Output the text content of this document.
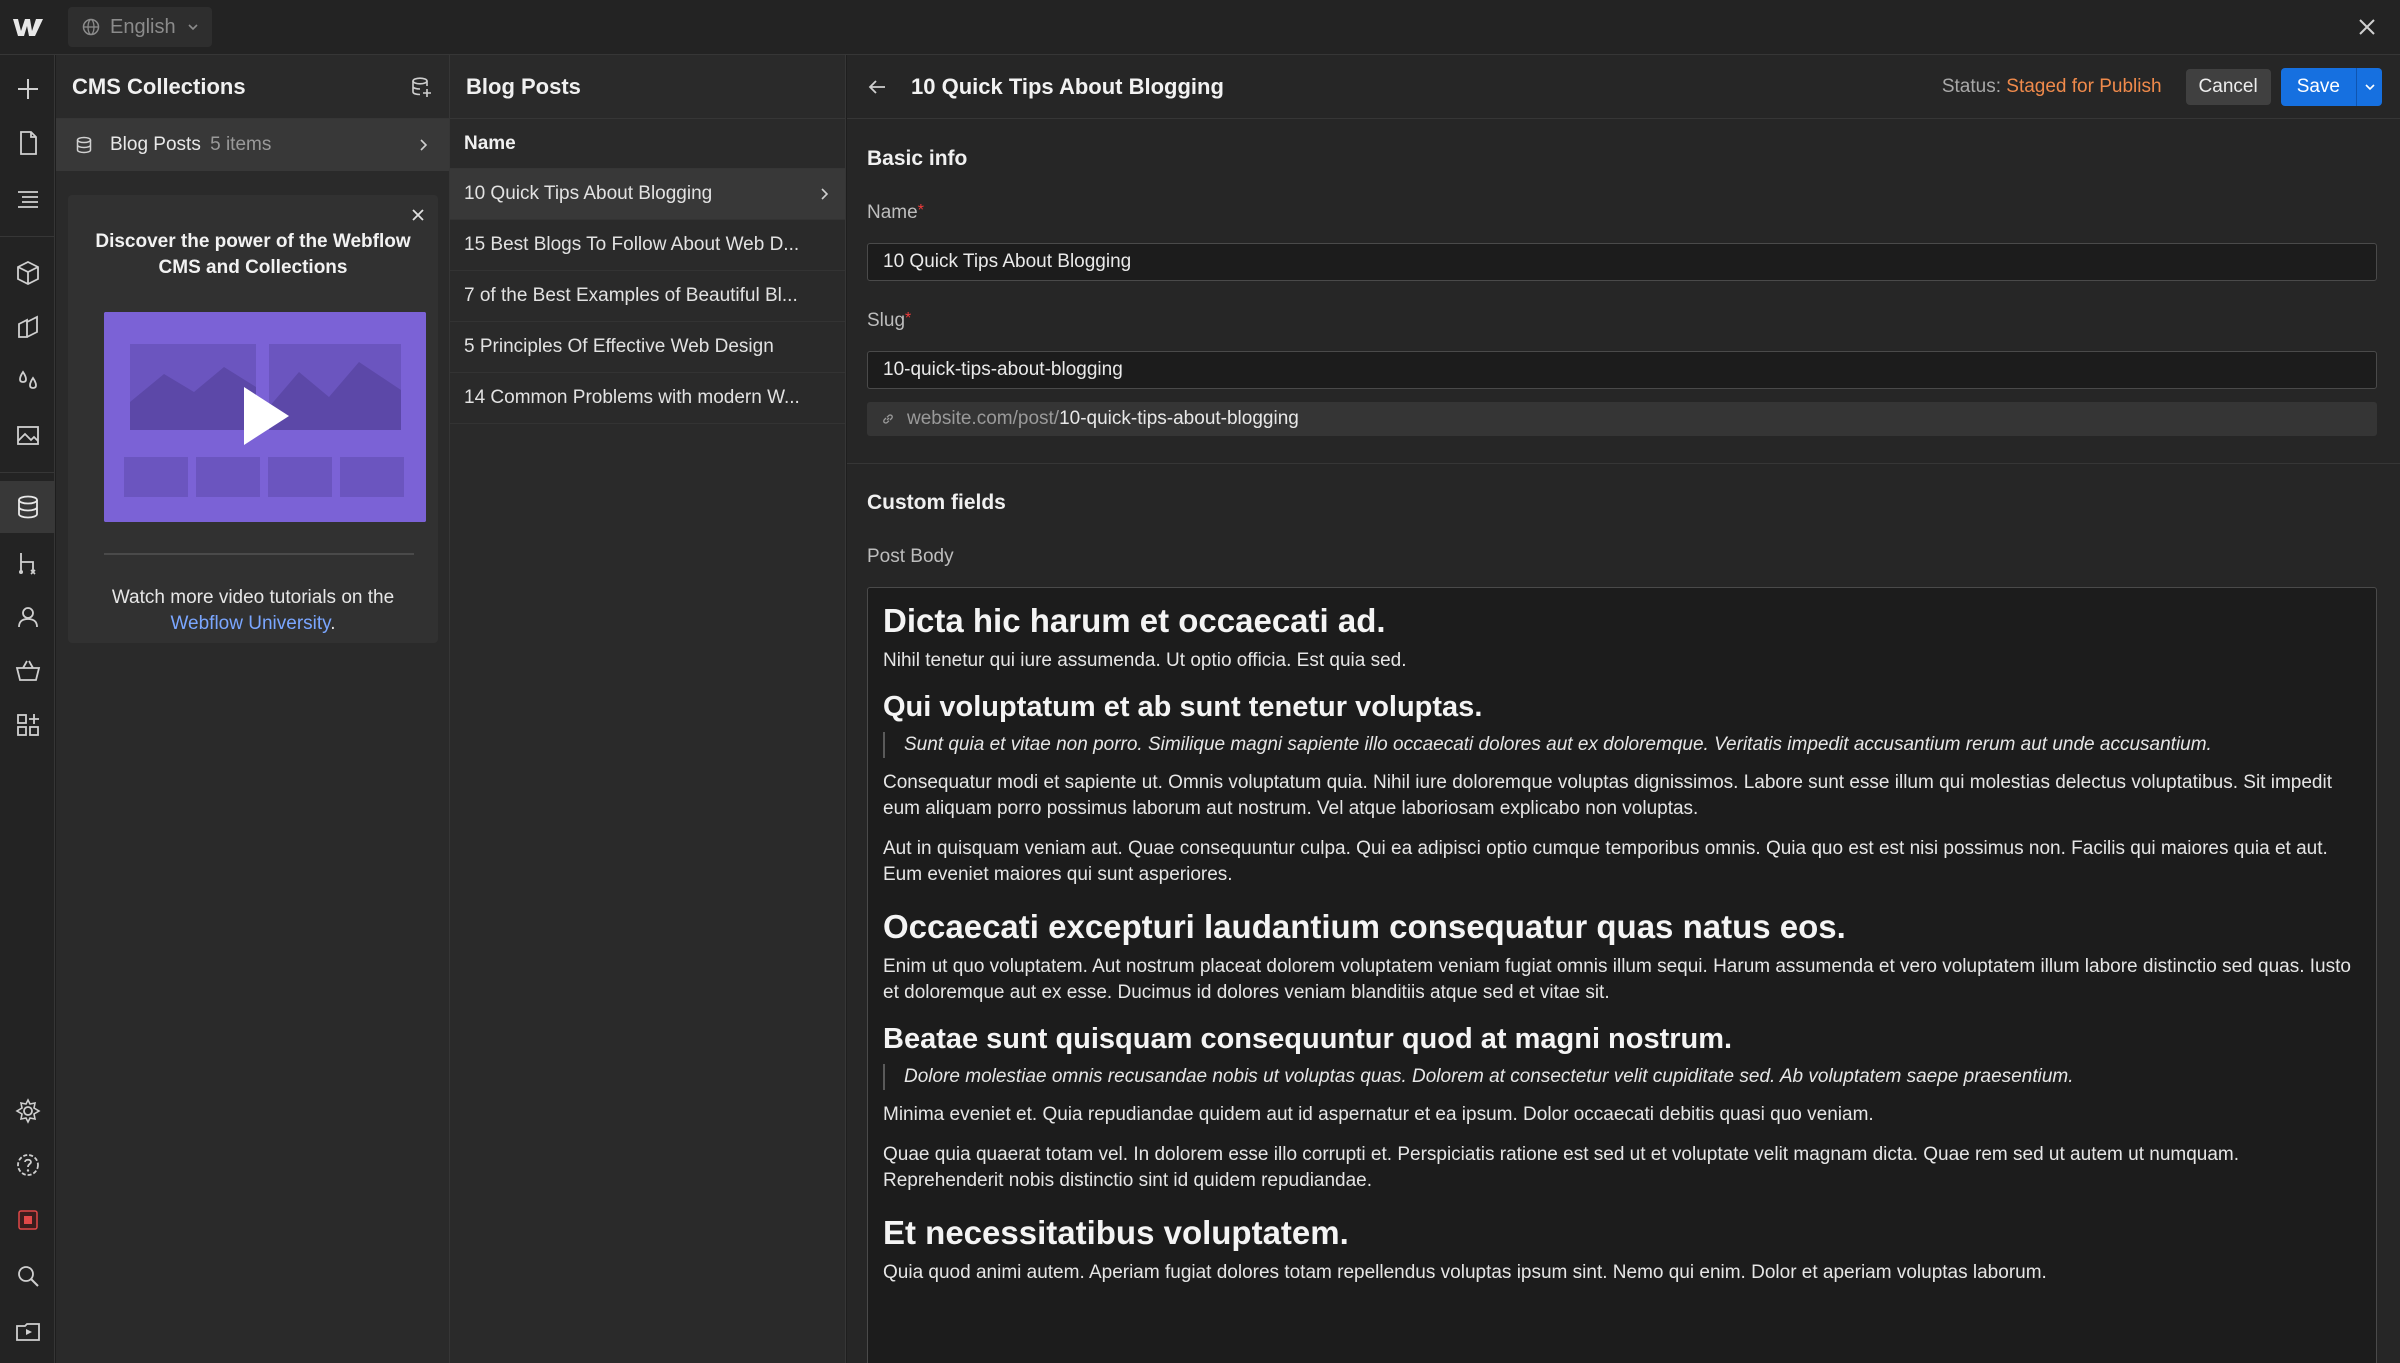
English
CMS Collections
Blog Posts 5 items
Discover the power of the Webflow CMS and Collections
Watch more video tutorials on the
Webflow University.
Blog Posts
Name
10 Quick Tips About Blogging
15 Best Blogs To Follow About Web D...
7 of the Best Examples of Beautiful Bl...
5 Principles Of Effective Web Design
14 Common Problems with modern W...
10 Quick Tips About Blogging	Status: Staged for Publish	Cancel	Save
Basic info
Name*
10 Quick Tips About Blogging
Slug*
10-quick-tips-about-blogging
website.com/post/10-quick-tips-about-blogging
Custom fields
Post Body
Dicta hic harum et occaecati ad.
Nihil tenetur qui iure assumenda. Ut optio officia. Est quia sed.
Qui voluptatum et ab sunt tenetur voluptas.
Sunt quia et vitae non porro. Similique magni sapiente illo occaecati dolores aut ex doloremque. Veritatis impedit accusantium rerum aut unde accusantium.
Consequatur modi et sapiente ut. Omnis voluptatum quia. Nihil iure doloremque voluptas dignissimos. Labore sunt esse illum qui molestias delectus voluptatibus. Sit impedit eum aliquam porro possimus laborum aut nostrum. Vel atque laboriosam explicabo non voluptas.
Aut in quisquam veniam aut. Quae consequuntur culpa. Qui ea adipisci optio cumque temporibus omnis. Quia quo est est nisi possimus non. Facilis qui maiores quia et aut. Eum eveniet maiores qui sunt asperiores.
Occaecati excepturi laudantium consequatur quas natus eos.
Enim ut quo voluptatem. Aut nostrum placeat dolorem voluptatem veniam fugiat omnis illum sequi. Harum assumenda et vero voluptatem illum labore distinctio sed quas. Iusto et doloremque aut ex esse. Ducimus id dolores veniam blanditiis atque sed et vitae sit.
Beatae sunt quisquam consequuntur quod at magni nostrum.
Dolore molestiae omnis recusandae nobis ut voluptas quas. Dolorem at consectetur velit cupiditate sed. Ab voluptatem saepe praesentium.
Minima eveniet et. Quia repudiandae quidem aut id aspernatur et ea ipsum. Dolor occaecati debitis quasi quo veniam.
Quae quia quaerat totam vel. In dolorem esse illo corrupti et. Perspiciatis ratione est sed ut et voluptate velit magnam dicta. Quae rem sed ut autem ut numquam. Reprehenderit nobis distinctio sint id quidem repudiandae.
Et necessitatibus voluptatem.
Quia quod animi autem. Aperiam fugiat dolores totam repellendus voluptas ipsum sint. Nemo qui enim. Dolor et aperiam voluptas laborum.
